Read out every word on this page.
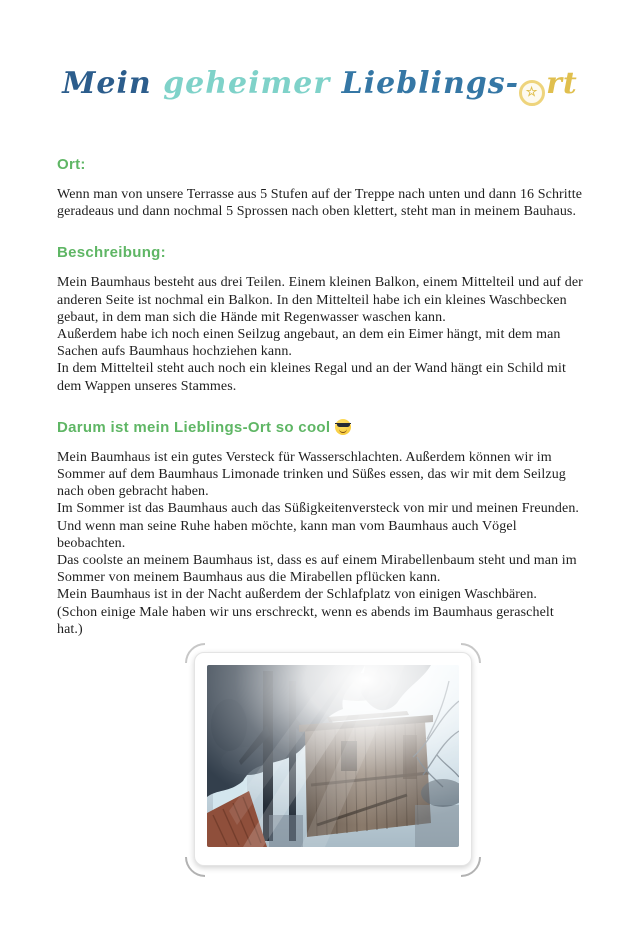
Mein geheimer Lieblings- ☆ rt
Ort:

Wenn man von unsere Terrasse aus 5 Stufen auf der Treppe nach unten und dann 16 Schritte geradeaus und dann nochmal 5 Sprossen nach oben klettert, steht man in meinem Bauhaus.

Beschreibung:

Mein Baumhaus besteht aus drei Teilen. Einem kleinen Balkon, einem Mittelteil und auf der anderen Seite ist nochmal ein Balkon. In den Mittelteil habe ich ein kleines Waschbecken gebaut, in dem man sich die Hände mit Regenwasser waschen kann.

Außerdem habe ich noch einen Seilzug angebaut, an dem ein Eimer hängt, mit dem man Sachen aufs Baumhaus hochziehen kann.

In dem Mittelteil steht auch noch ein kleines Regal und an der Wand hängt ein Schild mit dem Wappen unseres Stammes.

Darum ist mein Lieblings-Ort so cool

Mein Baumhaus ist ein gutes Versteck für Wasserschlachten. Außerdem können wir im Sommer auf dem Baumhaus Limonade trinken und Süßes essen, das wir mit dem Seilzug nach oben gebracht haben.

Im Sommer ist das Baumhaus auch das Süßigkeitenversteck von mir und meinen Freunden.

Und wenn man seine Ruhe haben möchte, kann man vom Baumhaus auch Vögel beobachten.

Das coolste an meinem Baumhaus ist, dass es auf einem Mirabellenbaum steht und man im Sommer von meinem Baumhaus aus die Mirabellen pflücken kann.

Mein Baumhaus ist in der Nacht außerdem der Schlafplatz von einigen Waschbären.

(Schon einige Male haben wir uns erschreckt, wenn es abends im Baumhaus geraschelt hat.)
